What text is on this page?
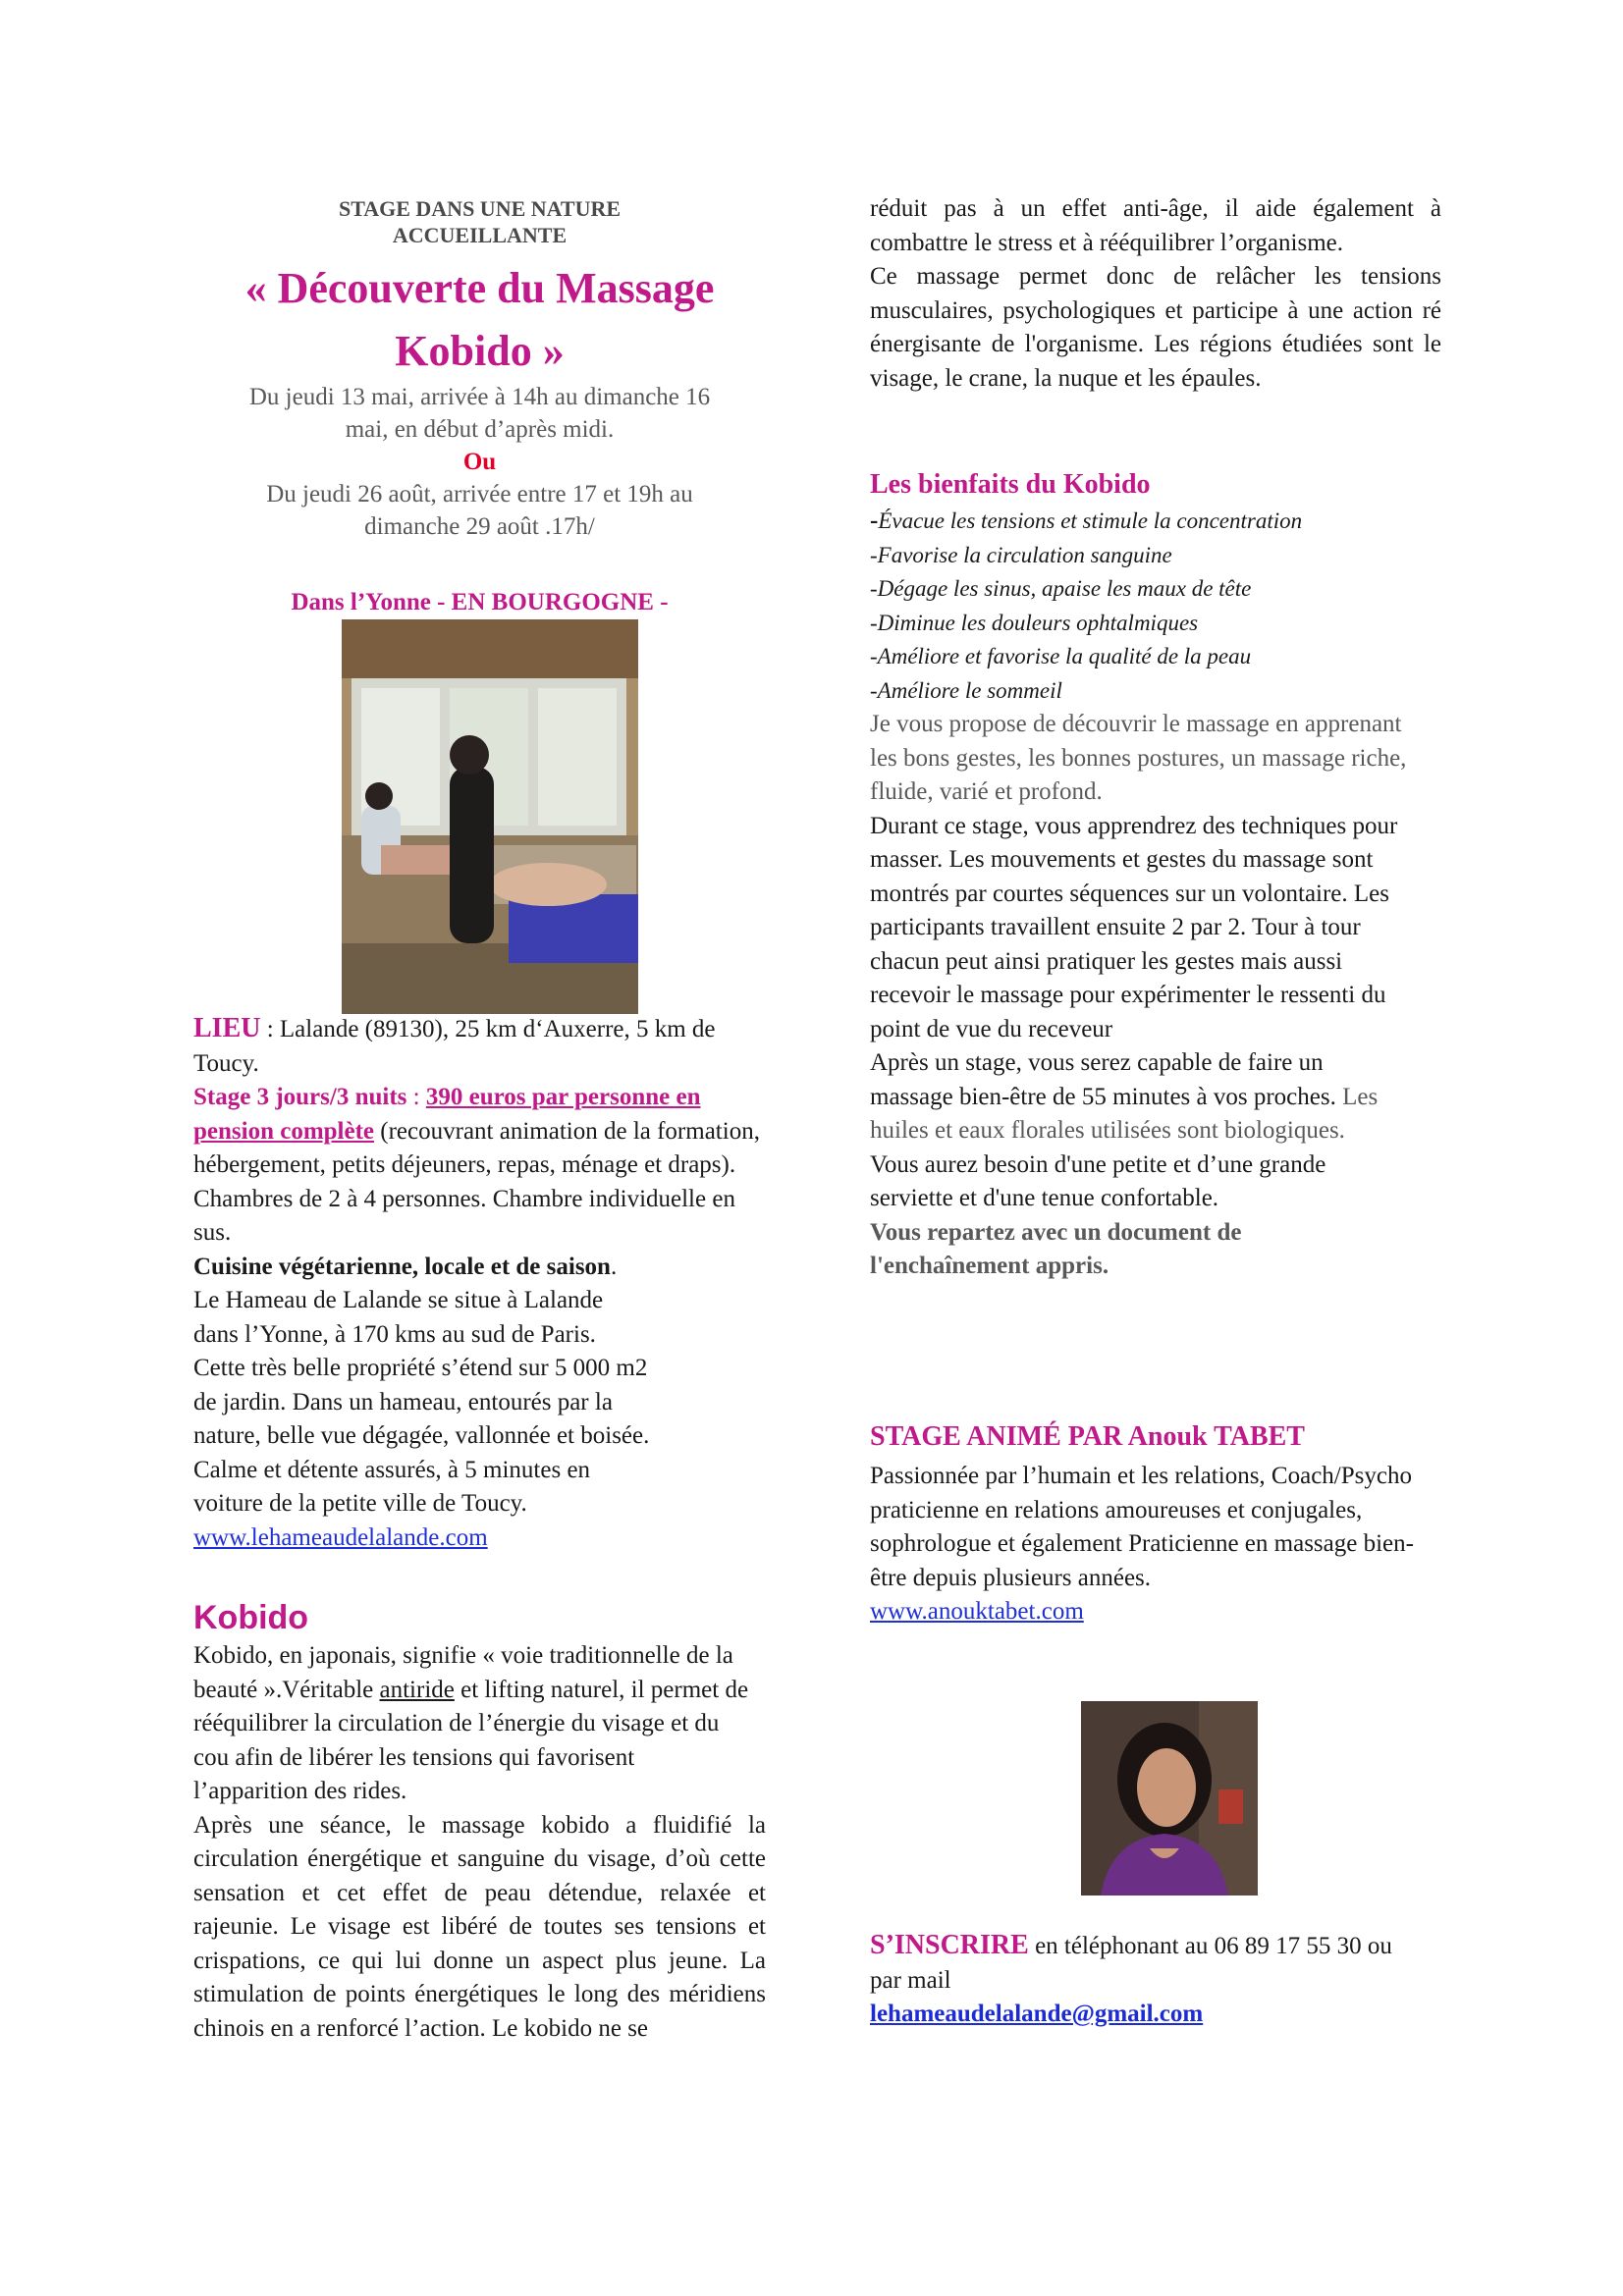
STAGE DANS UNE NATURE
ACCUEILLANTE
« Découverte du Massage
Kobido »
Du jeudi 13 mai, arrivée à 14h au dimanche 16
mai, en début d’après midi.
Ou
Du jeudi 26 août, arrivée entre 17 et 19h au
dimanche 29 août .17h/
Dans l’Yonne - EN BOURGOGNE -
LIEU : Lalande (89130), 25 km d‘Auxerre, 5 km de Toucy.
Stage 3 jours/3 nuits : 390 euros par personne en pension complète (recouvrant animation de la formation, hébergement, petits déjeuners, repas, ménage et draps). Chambres de 2 à 4 personnes. Chambre individuelle en sus.
Cuisine végétarienne, locale et de saison.
Le Hameau de Lalande se situe à Lalande
dans l’Yonne, à 170 kms au sud de Paris.
Cette très belle propriété s’étend sur 5 000 m2
de jardin. Dans un hameau, entourés par la
nature, belle vue dégagée, vallonnée et boisée.
Calme et détente assurés, à 5 minutes en
voiture de la petite ville de Toucy.
www.lehameaudelalande.com
Kobido
Kobido, en japonais, signifie « voie traditionnelle de la beauté ».Véritable antiride et lifting naturel, il permet de rééquilibrer la circulation de l’énergie du visage et du cou afin de libérer les tensions qui favorisent l’apparition des rides.
Après une séance, le massage kobido a fluidifié la circulation énergétique et sanguine du visage, d’où cette sensation et cet effet de peau détendue, relaxée et rajeunie. Le visage est libéré de toutes ses tensions et crispations, ce qui lui donne un aspect plus jeune. La stimulation de points énergétiques le long des méridiens chinois en a renforcé l’action. Le kobido ne se
réduit pas à un effet anti-âge, il aide également à combattre le stress et à rééquilibrer l’organisme.
Ce massage permet donc de relâcher les tensions musculaires, psychologiques et participe à une action ré énergisante de l'organisme. Les régions étudiées sont le visage, le crane, la nuque et les épaules.
Les bienfaits du Kobido
-Évacue les tensions et stimule la concentration
-Favorise la circulation sanguine
-Dégage les sinus, apaise les maux de tête
-Diminue les douleurs ophtalmiques
-Améliore et favorise la qualité de la peau
-Améliore le sommeil
Je vous propose de découvrir le massage en apprenant les bons gestes, les bonnes postures, un massage riche, fluide, varié et profond.
Durant ce stage, vous apprendrez des techniques pour masser. Les mouvements et gestes du massage sont montrés par courtes séquences sur un volontaire. Les participants travaillent ensuite 2 par 2. Tour à tour chacun peut ainsi pratiquer les gestes mais aussi recevoir le massage pour expérimenter le ressenti du point de vue du receveur
Après un stage, vous serez capable de faire un massage bien-être de 55 minutes à vos proches. Les huiles et eaux florales utilisées sont biologiques. Vous aurez besoin d'une petite et d’une grande serviette et d'une tenue confortable.
Vous repartez avec un document de l'enchaînement appris.
STAGE ANIMÉ PAR Anouk TABET
Passionnée par l’humain et les relations, Coach/Psycho praticienne en relations amoureuses et conjugales, sophrologue et également Praticienne en massage bien-être depuis plusieurs années.
www.anouktabet.com
S’INSCRIRE en téléphonant au 06 89 17 55 30 ou par mail
lehameaudelalande@gmail.com
